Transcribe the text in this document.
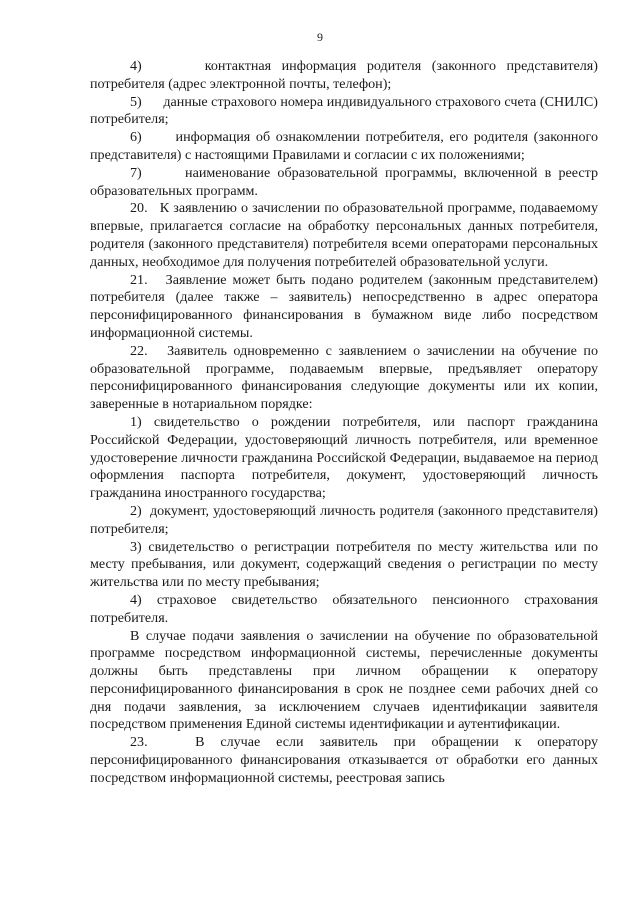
9

4)      контактная информация родителя (законного представителя) потребителя (адрес электронной почты, телефон);

5)      данные страхового номера индивидуального страхового счета (СНИЛС) потребителя;

6)      информация об ознакомлении потребителя, его родителя (законного представителя) с настоящими Правилами и согласии с их положениями;

7)      наименование образовательной программы, включенной в реестр образовательных программ.

20.   К заявлению о зачислении по образовательной программе, подаваемому впервые, прилагается согласие на обработку персональных данных потребителя, родителя (законного представителя) потребителя всеми операторами персональных данных, необходимое для получения потребителей образовательной услуги.

21.   Заявление может быть подано родителем (законным представителем) потребителя (далее также – заявитель) непосредственно в адрес оператора персонифицированного финансирования в бумажном виде либо посредством информационной системы.

22.   Заявитель одновременно с заявлением о зачислении на обучение по образовательной программе, подаваемым впервые, предъявляет оператору персонифицированного финансирования следующие документы или их копии, заверенные в нотариальном порядке:

1) свидетельство о рождении потребителя, или паспорт гражданина Российской Федерации, удостоверяющий личность потребителя, или временное удостоверение личности гражданина Российской Федерации, выдаваемое на период оформления паспорта потребителя, документ, удостоверяющий личность гражданина иностранного государства;

2)  документ, удостоверяющий личность родителя (законного представителя) потребителя;

3) свидетельство о регистрации потребителя по месту жительства или по месту пребывания, или документ, содержащий сведения о регистрации по месту жительства или по месту пребывания;

4) страховое свидетельство обязательного пенсионного страхования потребителя.

В случае подачи заявления о зачислении на обучение по образовательной программе посредством информационной системы, перечисленные документы должны быть представлены при личном обращении к оператору персонифицированного финансирования в срок не позднее семи рабочих дней со дня подачи заявления, за исключением случаев идентификации заявителя посредством применения Единой системы идентификации и аутентификации.

23.   В случае если заявитель при обращении к оператору персонифицированного финансирования отказывается от обработки его данных посредством информационной системы, реестровая запись
